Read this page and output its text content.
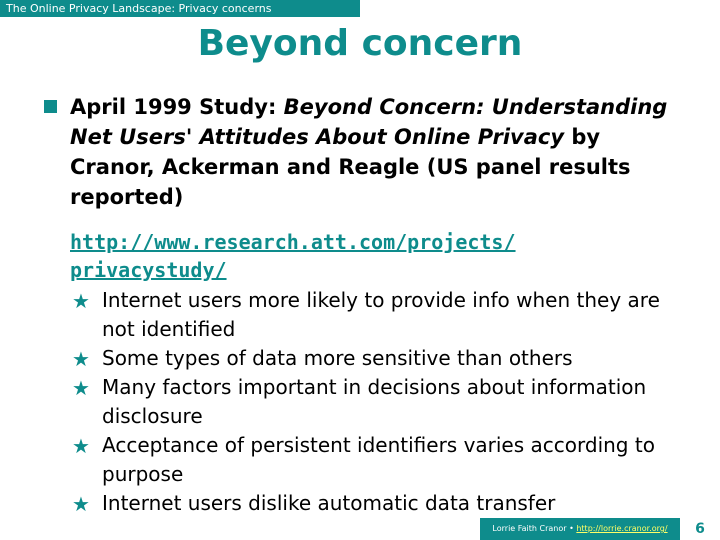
The Online Privacy Landscape: Privacy concerns
Beyond concern
April 1999 Study: Beyond Concern: Understanding Net Users' Attitudes About Online Privacy by Cranor, Ackerman and Reagle (US panel results reported)
http://www.research.att.com/projects/
privacystudy/
★ Internet users more likely to provide info when they are not identified
★ Some types of data more sensitive than others
★ Many factors important in decisions about information disclosure
★ Acceptance of persistent identifiers varies according to purpose
★ Internet users dislike automatic data transfer
Lorrie Faith Cranor • http://lorrie.cranor.org/	6
